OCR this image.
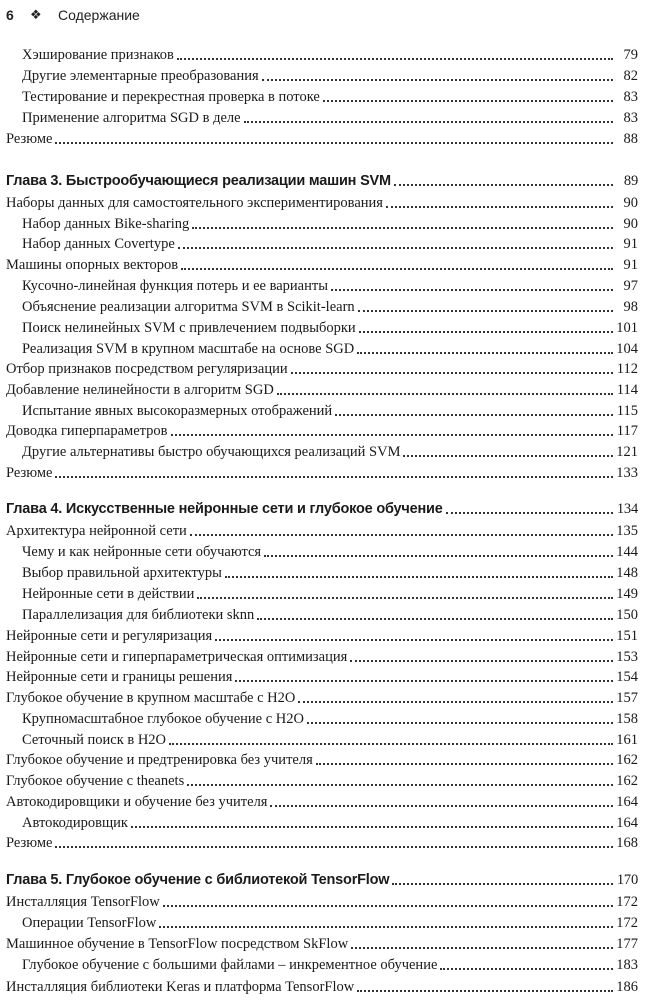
6	❖	Содержание
Хэширование признаков	79
Другие элементарные преобразования	82
Тестирование и перекрестная проверка в потоке	83
Применение алгоритма SGD в деле	83
Резюме	88
Глава 3. Быстрообучающиеся реализации машин SVM	89
Наборы данных для самостоятельного экспериментирования	90
Набор данных Bike-sharing	90
Набор данных Covertype	91
Машины опорных векторов	91
Кусочно-линейная функция потерь и ее варианты	97
Объяснение реализации алгоритма SVM в Scikit-learn	98
Поиск нелинейных SVM с привлечением подвыборки	101
Реализация SVM в крупном масштабе на основе SGD	104
Отбор признаков посредством регуляризации	112
Добавление нелинейности в алгоритм SGD	114
Испытание явных высокоразмерных отображений	115
Доводка гиперпараметров	117
Другие альтернативы быстро обучающихся реализаций SVM	121
Резюме	133
Глава 4. Искусственные нейронные сети и глубокое обучение	134
Архитектура нейронной сети	135
Чему и как нейронные сети обучаются	144
Выбор правильной архитектуры	148
Нейронные сети в действии	149
Параллелизация для библиотеки sknn	150
Нейронные сети и регуляризация	151
Нейронные сети и гиперпараметрическая оптимизация	153
Нейронные сети и границы решения	154
Глубокое обучение в крупном масштабе с H2O	157
Крупномасштабное глубокое обучение с H2O	158
Сеточный поиск в H2O	161
Глубокое обучение и предтренировка без учителя	162
Глубокое обучение с theanets	162
Автокодировщики и обучение без учителя	164
Автокодировщик	164
Резюме	168
Глава 5. Глубокое обучение с библиотекой TensorFlow	170
Инсталляция TensorFlow	172
Операции TensorFlow	172
Машинное обучение в TensorFlow посредством SkFlow	177
Глубокое обучение с большими файлами – инкрементное обучение	183
Инсталляция библиотеки Keras и платформа TensorFlow	186
